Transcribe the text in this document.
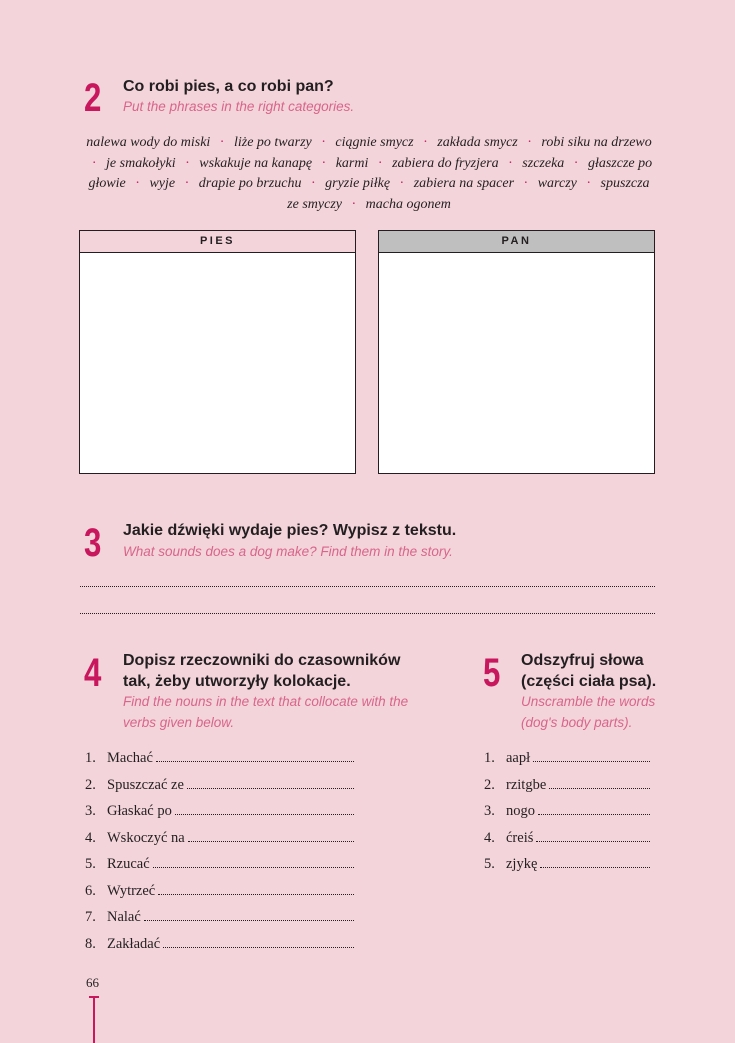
2 Co robi pies, a co robi pan?
Put the phrases in the right categories.
nalewa wody do miski · liże po twarzy · ciągnie smycz · zakłada smycz · robi siku na drzewo · je smakołyki · wskakuje na kanapę · karmi · zabiera do fryzjera · szczeka · głaszcze po głowie · wyje · drapie po brzuchu · gryzie piłkę · zabiera na spacer · warczy · spuszcza ze smyczy · macha ogonem
PIES	PAN
3 Jakie dźwięki wydaje pies? Wypisz z tekstu.
What sounds does a dog make? Find them in the story.
4 Dopisz rzeczowniki do czasowników
tak, żeby utworzyły kolokacje.
Find the nouns in the text that collocate with the
verbs given below.
1. Machać
2. Spuszczać ze
3. Głaskać po
4. Wskoczyć na
5. Rzucać
6. Wytrzeć
7. Nalać
8. Zakładać
5 Odszyfruj słowa
(części ciała psa).
Unscramble the words
(dog's body parts).
1. aapł
2. rzitgbe
3. nogo
4. ćreiś
5. zjykę
66
